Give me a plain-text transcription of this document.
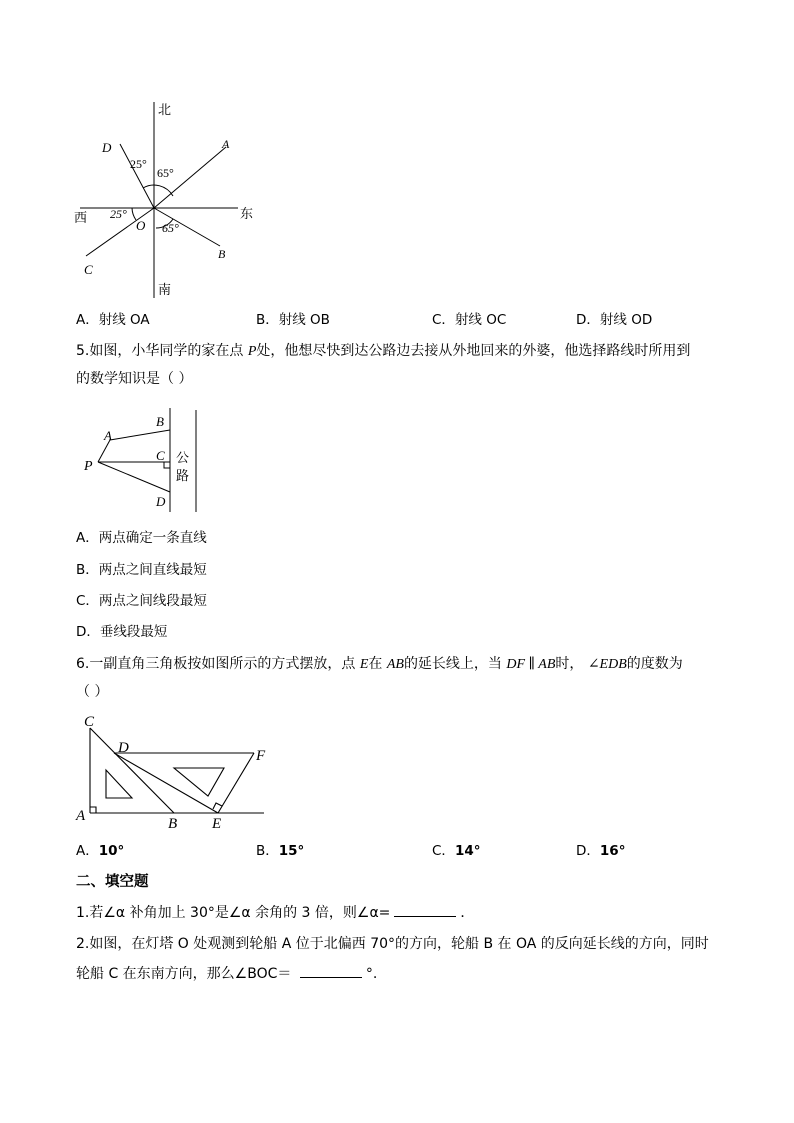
北
南
西	东
D	A
B
C
O
25°
65°
25°
65°
A．射线 OA	B．射线 OB	C．射线 OC	D．射线 OD
5.如图，小华同学的家在点 P处，他想尽快到达公路边去接从外地回来的外婆，他选择路线时所用到
的数学知识是（ ）
A
B
C
D
P
公
路
A．两点确定一条直线
B．两点之间直线最短
C．两点之间线段最短
D．垂线段最短
6.一副直角三角板按如图所示的方式摆放，点 E在 AB的延长线上，当 DF ∥ AB时， ∠EDB的度数为
（ ）
C
D	F
A	B E
A．10°	B．15°	C．14°	D．16°
二、填空题
1.若∠α 补角加上 30°是∠α 余角的 3 倍，则∠α=	．
2.如图，在灯塔 O 处观测到轮船 A 位于北偏西 70°的方向，轮船 B 在 OA 的反向延长线的方向，同时
轮船 C 在东南方向，那么∠BOC＝	°.
